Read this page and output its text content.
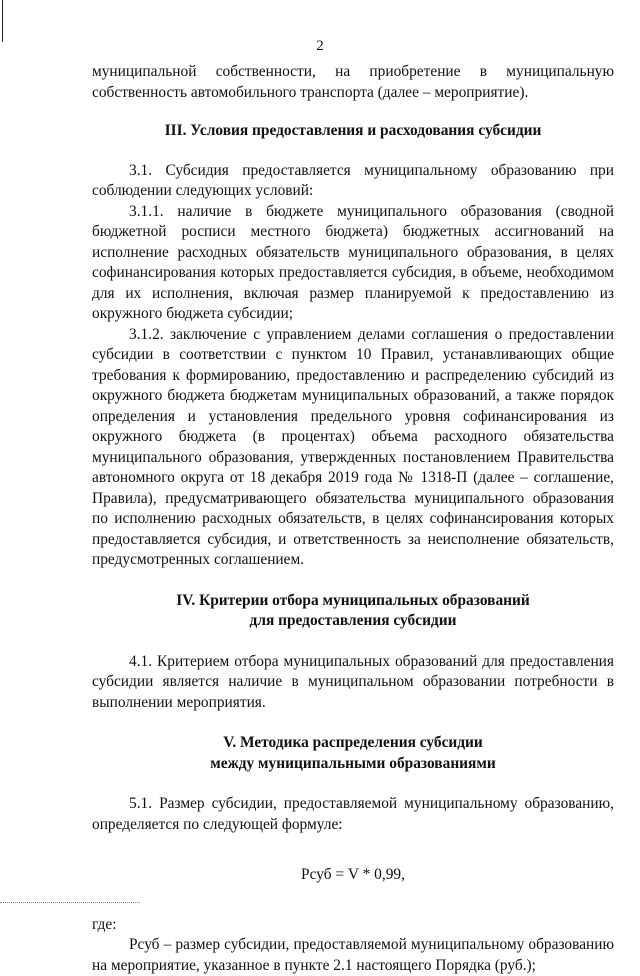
2

муниципальной собственности, на приобретение в муниципальную собственность автомобильного транспорта (далее – мероприятие).

III. Условия предоставления и расходования субсидии

3.1. Субсидия предоставляется муниципальному образованию при соблюдении следующих условий:

3.1.1. наличие в бюджете муниципального образования (сводной бюджетной росписи местного бюджета) бюджетных ассигнований на исполнение расходных обязательств муниципального образования, в целях софинансирования которых предоставляется субсидия, в объеме, необходимом для их исполнения, включая размер планируемой к предоставлению из окружного бюджета субсидии;

3.1.2. заключение с управлением делами соглашения о предоставлении субсидии в соответствии с пунктом 10 Правил, устанавливающих общие требования к формированию, предоставлению и распределению субсидий из окружного бюджета бюджетам муниципальных образований, а также порядок определения и установления предельного уровня софинансирования из окружного бюджета (в процентах) объема расходного обязательства муниципального образования, утвержденных постановлением Правительства автономного округа от 18 декабря 2019 года № 1318-П (далее – соглашение, Правила), предусматривающего обязательства муниципального образования по исполнению расходных обязательств, в целях софинансирования которых предоставляется субсидия, и ответственность за неисполнение обязательств, предусмотренных соглашением.

IV. Критерии отбора муниципальных образований

для предоставления субсидии

4.1. Критерием отбора муниципальных образований для предоставления субсидии является наличие в муниципальном образовании потребности в выполнении мероприятия.

V. Методика распределения субсидии

между муниципальными образованиями

5.1. Размер субсидии, предоставляемой муниципальному образованию, определяется по следующей формуле:

Рсуб = V * 0,99,

где:

Рсуб – размер субсидии, предоставляемой муниципальному образованию на мероприятие, указанное в пункте 2.1 настоящего Порядка (руб.);
